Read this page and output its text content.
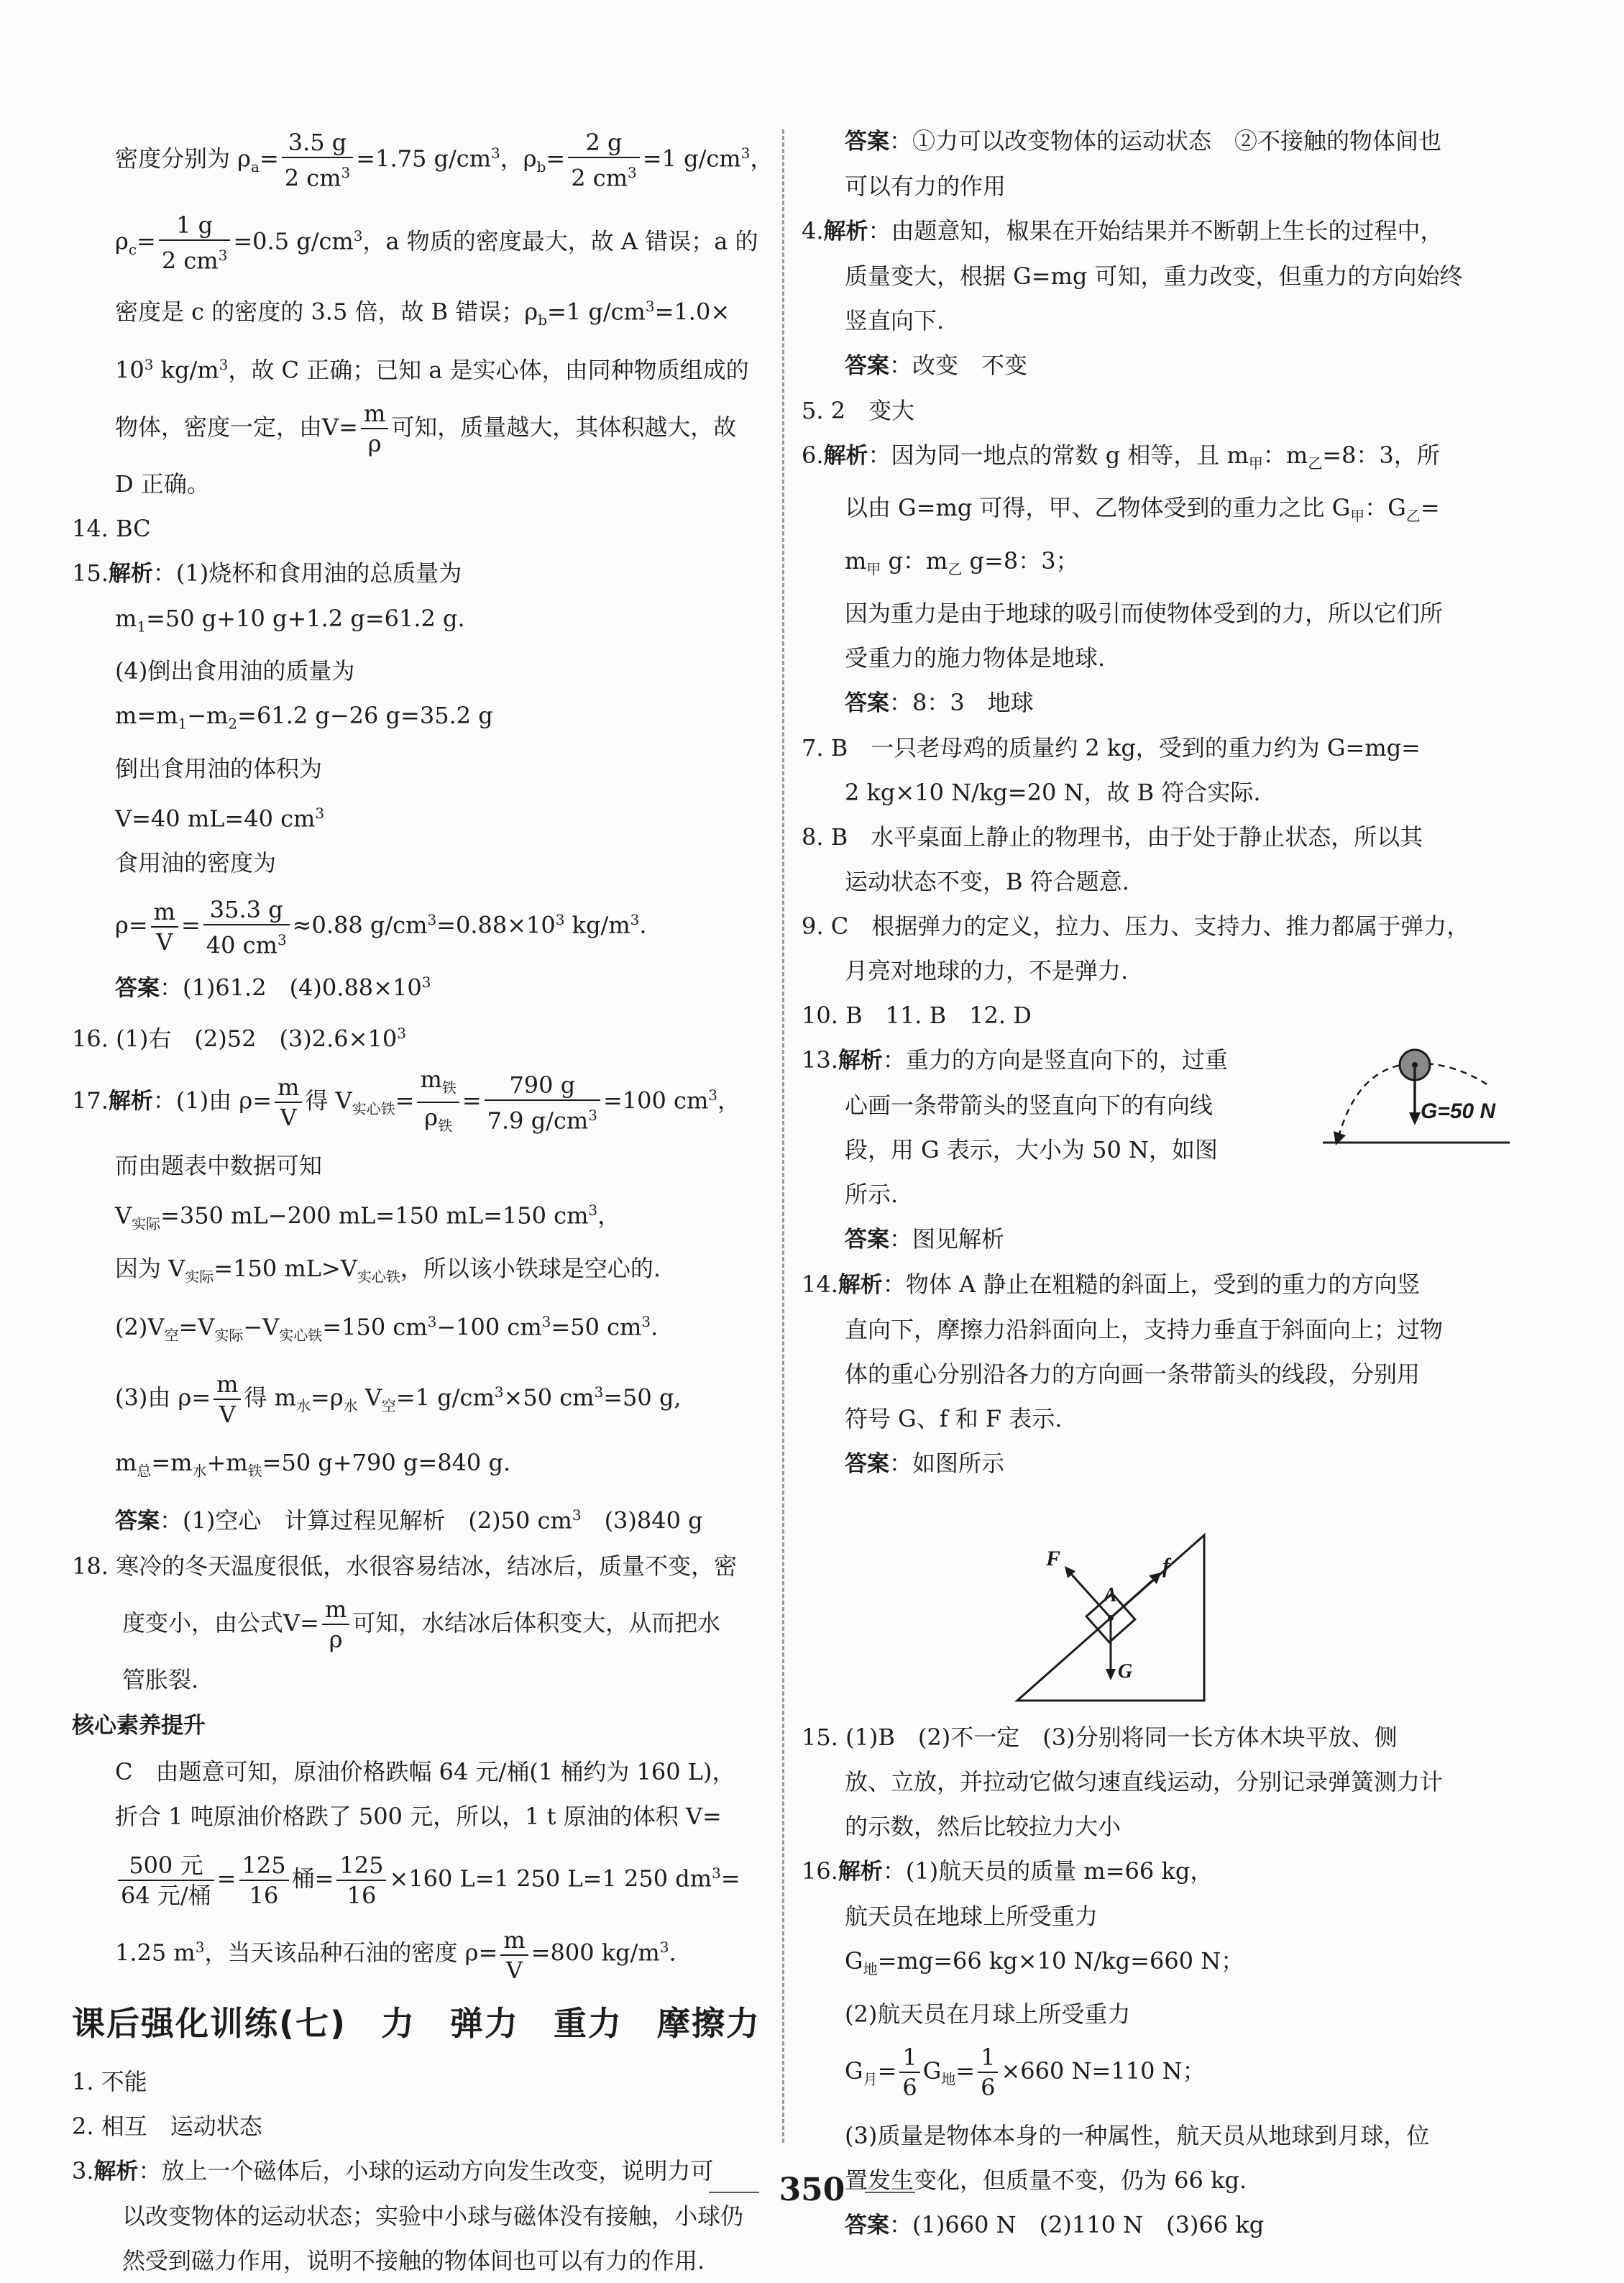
密度分别为 $\rho_a= \frac{3.5 g}{2 cm^3} =1.75$ $g/cm^3$，$\rho_b= \frac{2 g}{2 cm^3} =1$ $g/cm^3$，
$\rho_c= \frac{1 g}{2 cm^3} =0.5$ $g/cm^3$，a 物质的密度最大，故 A 错误；a 的
密度是 c 的密度的 3.5 倍，故 B 错误；$\rho_b=1$ $g/cm^3=1.0\times$
$10^3$ $kg/m^3$，故 C 正确；已知 a 是实心体，由同种物质组成的
物体，密度一定，由$V= \frac{m}{\rho}$ 可知，质量越大，其体积越大，故
D 正确。
14. BC
15.解析：(1)烧杯和食用油的总质量为
$m_1=50$ g+10 g+1.2 g=61.2 g.
(4)倒出食用油的质量为
$m=m_1-m_2=61.2$ g−26 g=35.2 g
倒出食用油的体积为
V=40 mL=40 $cm^3$
食用油的密度为
$\rho= \frac{m}{V} = \frac{35.3 g}{40 cm^3} \approx 0.88$ $g/cm^3=0.88\times 10^3$ $kg/m^3$.
答案：(1)61.2　$(4)0.88\times 10^3$
16. (1)右　(2)52　$(3)2.6\times 10^3$
17.解析：(1)由 $\rho= \frac{m}{V}$ 得 $V_{实心铁}= \frac{m_铁}{\rho_铁} = \frac{790 g}{7.9 g/cm^3} =100$ $cm^3$，
而由题表中数据可知
$V_{实际}=350$ mL−200 mL=150 mL=150 $cm^3$，
因为 $V_{实际}=150$ $mL>V_{实心铁}$，所以该小铁球是空心的.
$(2)V_空=V_{实际}-V_{实心铁}=150$ $cm^3-100$ $cm^3=50$ $cm^3$.
(3)由 $\rho= \frac{m}{V}$ 得 $m_水=\rho_水$ $V_空=1$ $g/cm^3\times 50$ $cm^3=50$ g,
$m_总=m_水+m_铁=50$ g+790 g=840 g.
答案：(1)空心　计算过程见解析　(2)50 $cm^3$　(3)840 g
18. 寒冷的冬天温度很低，水很容易结冰，结冰后，质量不变，密
度变小，由公式$V= \frac{m}{\rho}$ 可知，水结冰后体积变大，从而把水
管胀裂.
核心素养提升
C　由题意可知，原油价格跌幅 64 元/桶(1 桶约为 160 L)，
折合 1 吨原油价格跌了 500 元，所以，1 t 原油的体积 V=
$\frac{\text{500 元}}{\text{64 元/桶}} = \frac{125}{16}$ 桶= $\frac{125}{16} \times 160$ L=1 250 L=1 250 $dm^3=$
1.25 $m^3$，当天该品种石油的密度 $\rho= \frac{m}{V} =800$ $kg/m^3$.
课后强化训练(七)　力　弹力　重力　摩擦力
1. 不能
2. 相互　运动状态
3.解析：放上一个磁体后，小球的运动方向发生改变，说明力可
以改变物体的运动状态；实验中小球与磁体没有接触，小球仍
然受到磁力作用，说明不接触的物体间也可以有力的作用.
答案：①力可以改变物体的运动状态　②不接触的物体间也
可以有力的作用
4.解析：由题意知，椒果在开始结果并不断朝上生长的过程中，
质量变大，根据 G=mg 可知，重力改变，但重力的方向始终
竖直向下.
答案：改变　不变
5. 2　变大
6.解析：因为同一地点的常数 g 相等，且 $m_甲$：$m_乙=8$：3，所
以由 G=mg 可得，甲、乙物体受到的重力之比 $G_甲$：$G_乙=$
$m_甲$ g：$m_乙$ g=8：3；
因为重力是由于地球的吸引而使物体受到的力，所以它们所
受重力的施力物体是地球.
答案：8：3　地球
7. B　一只老母鸡的质量约 2 kg，受到的重力约为 G=mg=
2 kg×10 N/kg=20 N，故 B 符合实际.
8. B　水平桌面上静止的物理书，由于处于静止状态，所以其
运动状态不变，B 符合题意.
9. C　根据弹力的定义，拉力、压力、支持力、推力都属于弹力，
月亮对地球的力，不是弹力.
10. B　11. B　12. D
13.解析：重力的方向是竖直向下的，过重
心画一条带箭头的竖直向下的有向线
段，用 G 表示，大小为 50 N，如图
所示.
G=50 N
答案：图见解析
14.解析：物体 A 静止在粗糙的斜面上，受到的重力的方向竖
直向下，摩擦力沿斜面向上，支持力垂直于斜面向上；过物
体的重心分别沿各力的方向画一条带箭头的线段，分别用
符号 G、f 和 F 表示.
答案：如图所示
F	f
A
G
15. (1)B　(2)不一定　(3)分别将同一长方体木块平放、侧
放、立放，并拉动它做匀速直线运动，分别记录弹簧测力计
的示数，然后比较拉力大小
16.解析：(1)航天员的质量 m=66 kg，
航天员在地球上所受重力
$G_地=mg=66$ kg×10 N/kg=660 N；
(2)航天员在月球上所受重力
$G_月= \frac{1}{6} G_地= \frac{1}{6} \times 660$ N=110 N；
(3)质量是物体本身的一种属性，航天员从地球到月球，位
置发生变化，但质量不变，仍为 66 kg.
答案：(1)660 N　(2)110 N　(3)66 kg
350
